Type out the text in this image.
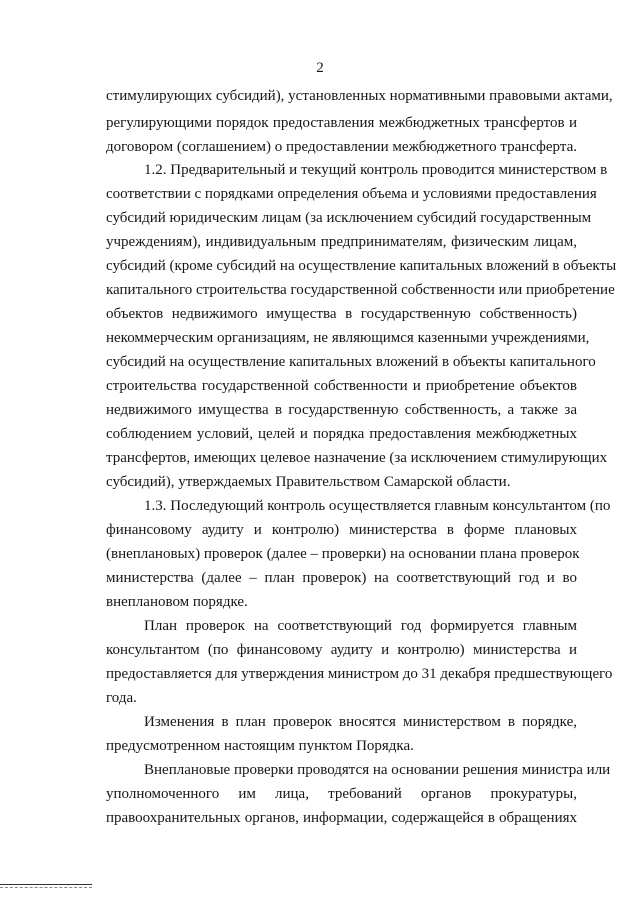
2
стимулирующих субсидий), установленных нормативными правовыми актами,
регулирующими порядок предоставления межбюджетных трансфертов и
договором (соглашением) о предоставлении межбюджетного трансферта.
1.2. Предварительный и текущий контроль проводится министерством в
соответствии с порядками определения объема и условиями предоставления
субсидий юридическим лицам (за исключением субсидий государственным
учреждениям), индивидуальным предпринимателям, физическим лицам,
субсидий (кроме субсидий на осуществление капитальных вложений в объекты
капитального строительства государственной собственности или приобретение
объектов недвижимого имущества в государственную собственность)
некоммерческим организациям, не являющимся казенными учреждениями,
субсидий на осуществление капитальных вложений в объекты капитального
строительства государственной собственности и приобретение объектов
недвижимого имущества в государственную собственность, а также за
соблюдением условий, целей и порядка предоставления межбюджетных
трансфертов, имеющих целевое назначение (за исключением стимулирующих
субсидий), утверждаемых Правительством Самарской области.
1.3. Последующий контроль осуществляется главным консультантом (по
финансовому аудиту и контролю) министерства в форме плановых
(внеплановых) проверок (далее – проверки) на основании плана проверок
министерства (далее – план проверок) на соответствующий год и во
внеплановом порядке.
План проверок на соответствующий год формируется главным
консультантом (по финансовому аудиту и контролю) министерства и
предоставляется для утверждения министром до 31 декабря предшествующего
года.
Изменения в план проверок вносятся министерством в порядке,
предусмотренном настоящим пунктом Порядка.
Внеплановые проверки проводятся на основании решения министра или
уполномоченного им лица, требований органов прокуратуры,
правоохранительных органов, информации, содержащейся в обращениях
